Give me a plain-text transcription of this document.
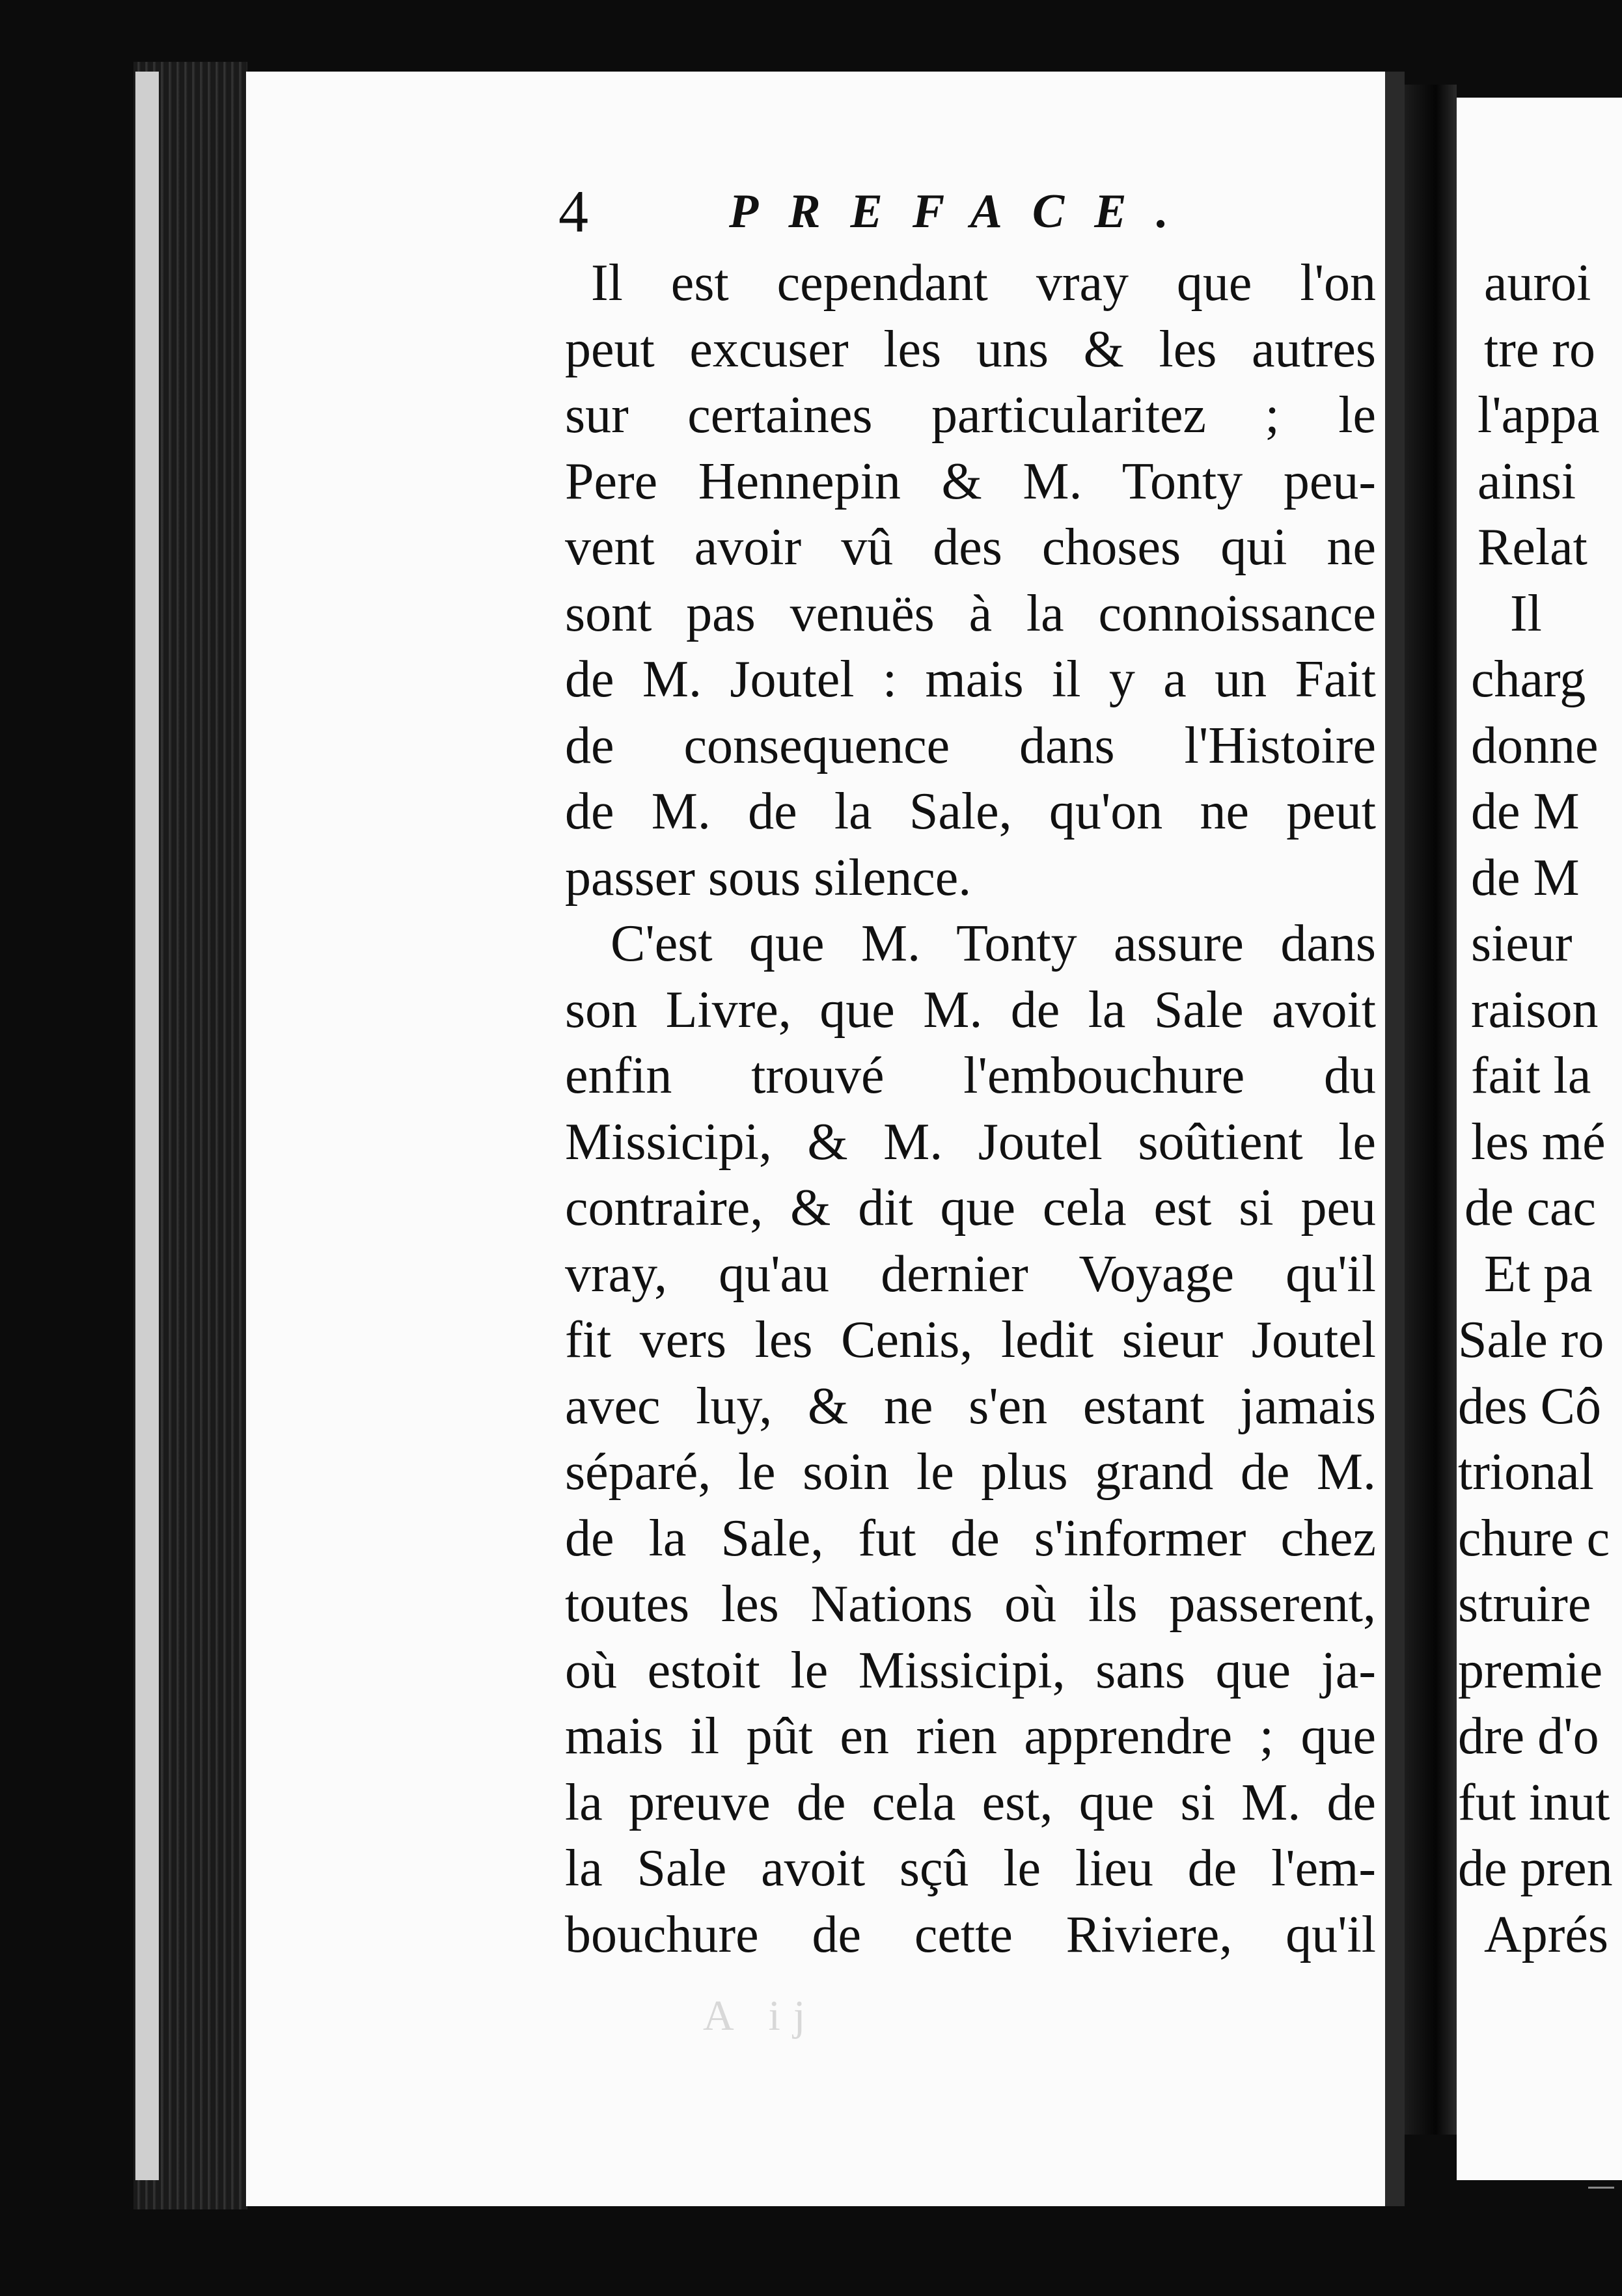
4	PREFACE.
Il est cependant vray que l'on
peut excuser les uns & les autres
sur certaines particularitez ; le
Pere Hennepin & M. Tonty peu-
vent avoir vû des choses qui ne
sont pas venuës à la connoissance
de M. Joutel : mais il y a un Fait
de consequence dans l'Histoire
de M. de la Sale, qu'on ne peut
passer sous silence.
C'est que M. Tonty assure dans
son Livre, que M. de la Sale avoit
enfin trouvé l'embouchure du
Missicipi, & M. Joutel soûtient le
contraire, & dit que cela est si peu
vray, qu'au dernier Voyage qu'il
fit vers les Cenis, ledit sieur Joutel
avec luy, & ne s'en estant jamais
séparé, le soin le plus grand de M.
de la Sale, fut de s'informer chez
toutes les Nations où ils passerent,
où estoit le Missicipi, sans que ja-
mais il pût en rien apprendre ; que
la preuve de cela est, que si M. de
la Sale avoit sçû le lieu de l'em-
bouchure de cette Riviere, qu'il
A ij
auroi
tre ro
l'appa
ainsi
Relat
Il
charg
donne
de M
de M
sieur
raison
fait la
les mé
de cac
Et pa
Sale ro
des Cô
trional
chure c
struire
premie
dre d'o
fut inut
de pren
Aprés
